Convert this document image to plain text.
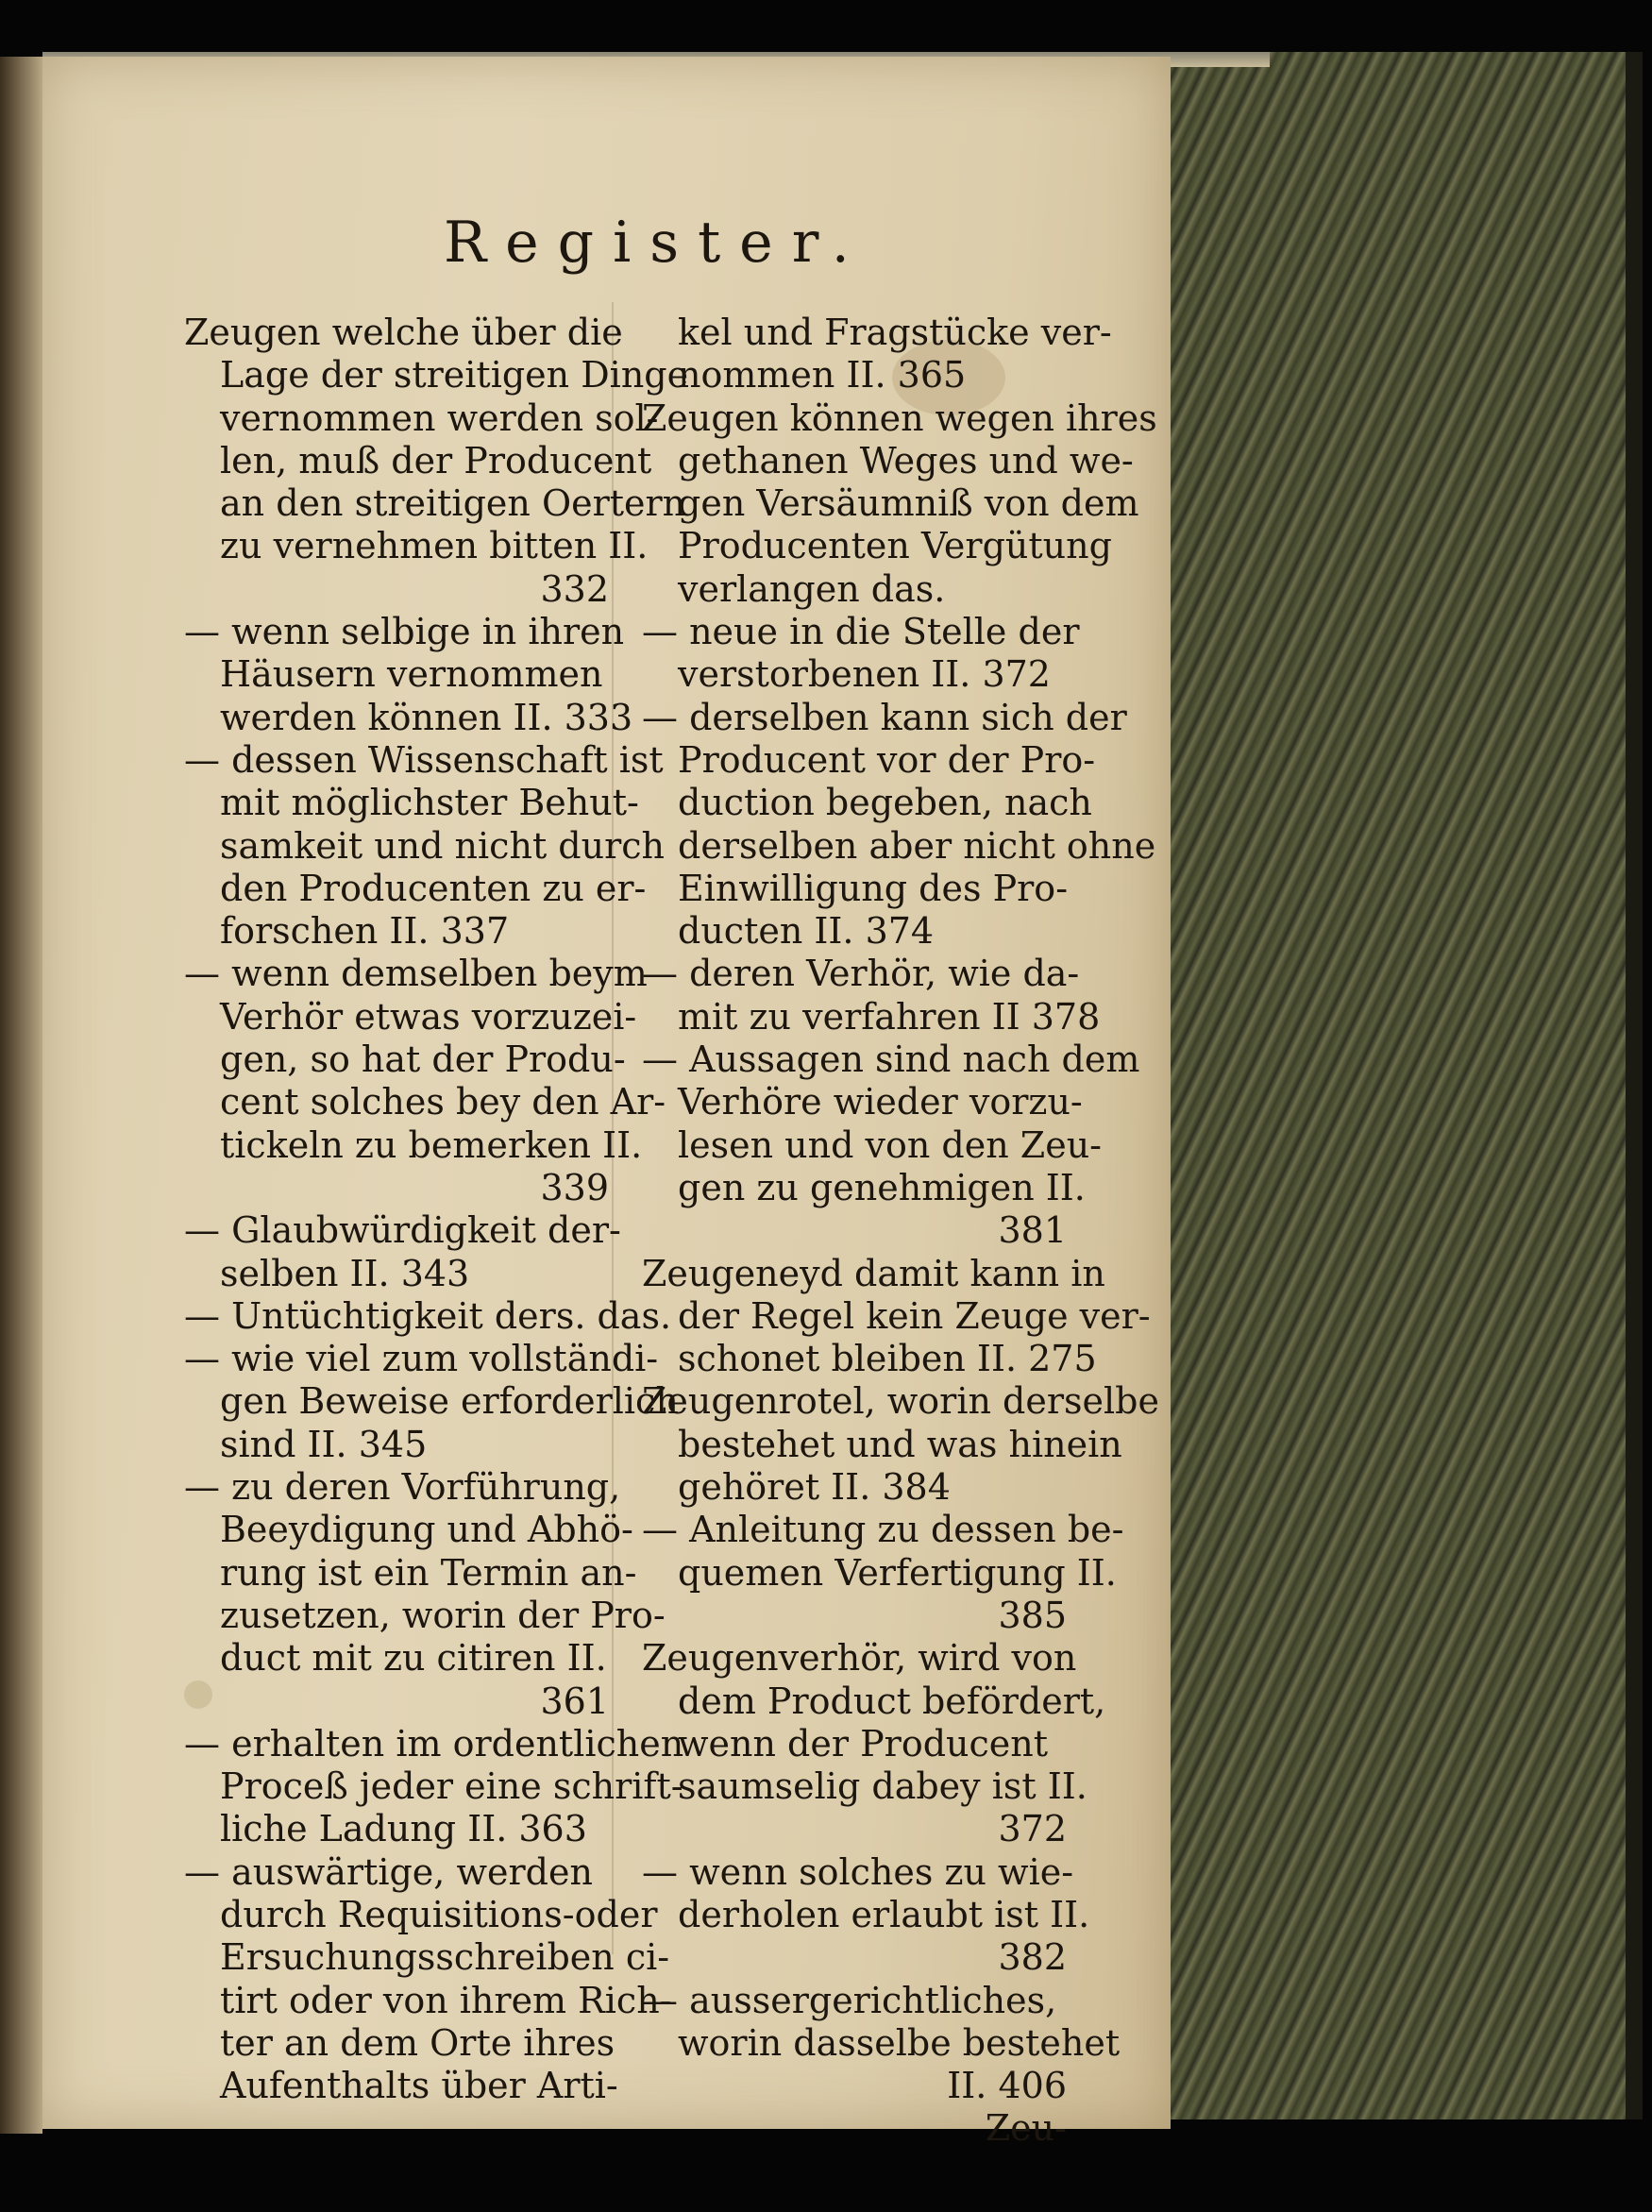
Register.
Zeugen welche über die
Lage der streitigen Dinge
vernommen werden sol-
len, muß der Producent
an den streitigen Oertern
zu vernehmen bitten II.
332
— wenn selbige in ihren
Häusern vernommen
werden können II. 333
— dessen Wissenschaft ist
mit möglichster Behut-
samkeit und nicht durch
den Producenten zu er-
forschen II. 337
— wenn demselben beym
Verhör etwas vorzuzei-
gen, so hat der Produ-
cent solches bey den Ar-
tickeln zu bemerken II.
339
— Glaubwürdigkeit der-
selben II. 343
— Untüchtigkeit ders. das.
— wie viel zum vollständi-
gen Beweise erforderlich
sind II. 345
— zu deren Vorführung,
Beeydigung und Abhö-
rung ist ein Termin an-
zusetzen, worin der Pro-
duct mit zu citiren II.
361
— erhalten im ordentlichen
Proceß jeder eine schrift-
liche Ladung II. 363
— auswärtige, werden
durch Requisitions-oder
Ersuchungsschreiben ci-
tirt oder von ihrem Rich-
ter an dem Orte ihres
Aufenthalts über Arti-
kel und Fragstücke ver-
nommen II. 365
Zeugen können wegen ihres
gethanen Weges und we-
gen Versäumniß von dem
Producenten Vergütung
verlangen das.
— neue in die Stelle der
verstorbenen II. 372
— derselben kann sich der
Producent vor der Pro-
duction begeben, nach
derselben aber nicht ohne
Einwilligung des Pro-
ducten II. 374
— deren Verhör, wie da-
mit zu verfahren II 378
— Aussagen sind nach dem
Verhöre wieder vorzu-
lesen und von den Zeu-
gen zu genehmigen II.
381
Zeugeneyd damit kann in
der Regel kein Zeuge ver-
schonet bleiben II. 275
Zeugenrotel, worin derselbe
bestehet und was hinein
gehöret II. 384
— Anleitung zu dessen be-
quemen Verfertigung II.
385
Zeugenverhör, wird von
dem Product befördert,
wenn der Producent
saumselig dabey ist II.
372
— wenn solches zu wie-
derholen erlaubt ist II.
382
— aussergerichtliches,
worin dasselbe bestehet
II. 406
Zeu-
